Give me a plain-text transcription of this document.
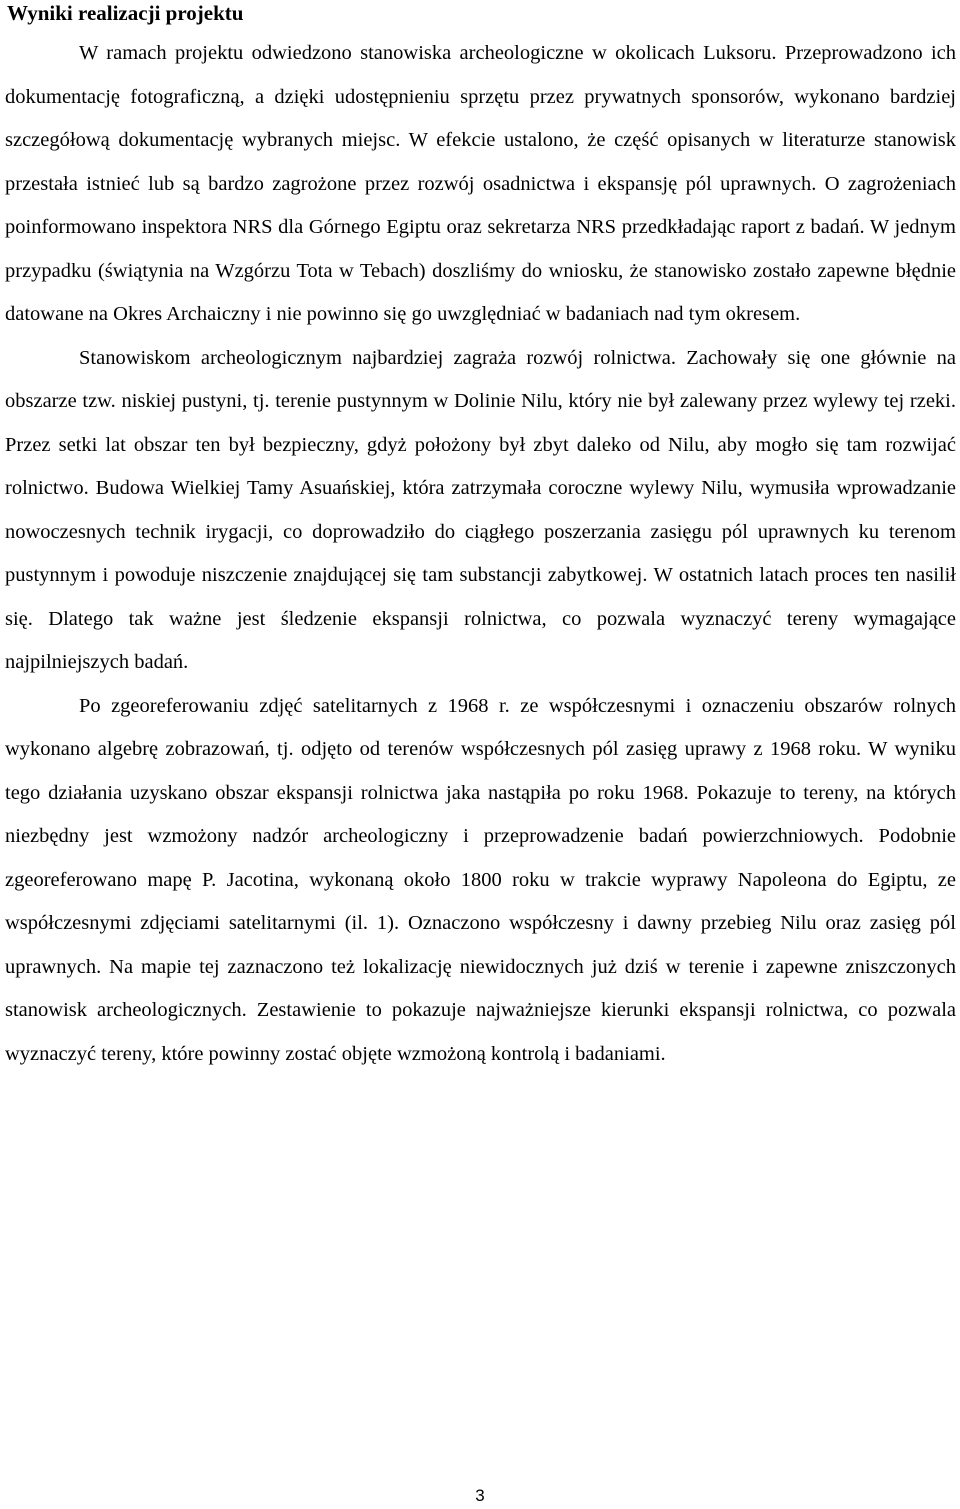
Wyniki realizacji projektu

W ramach projektu odwiedzono stanowiska archeologiczne w okolicach Luksoru. Przeprowadzono ich dokumentację fotograficzną, a dzięki udostępnieniu sprzętu przez prywatnych sponsorów, wykonano bardziej szczegółową dokumentację wybranych miejsc. W efekcie ustalono, że część opisanych w literaturze stanowisk przestała istnieć lub są bardzo zagrożone przez rozwój osadnictwa i ekspansję pól uprawnych. O zagrożeniach poinformowano inspektora NRS dla Górnego Egiptu oraz sekretarza NRS przedkładając raport z badań. W jednym przypadku (świątynia na Wzgórzu Tota w Tebach) doszliśmy do wniosku, że stanowisko zostało zapewne błędnie datowane na Okres Archaiczny i nie powinno się go uwzględniać w badaniach nad tym okresem.

Stanowiskom archeologicznym najbardziej zagraża rozwój rolnictwa. Zachowały się one głównie na obszarze tzw. niskiej pustyni, tj. terenie pustynnym w Dolinie Nilu, który nie był zalewany przez wylewy tej rzeki. Przez setki lat obszar ten był bezpieczny, gdyż położony był zbyt daleko od Nilu, aby mogło się tam rozwijać rolnictwo. Budowa Wielkiej Tamy Asuańskiej, która zatrzymała coroczne wylewy Nilu, wymusiła wprowadzanie nowoczesnych technik irygacji, co doprowadziło do ciągłego poszerzania zasięgu pól uprawnych ku terenom pustynnym i powoduje niszczenie znajdującej się tam substancji zabytkowej. W ostatnich latach proces ten nasilił się. Dlatego tak ważne jest śledzenie ekspansji rolnictwa, co pozwala wyznaczyć tereny wymagające najpilniejszych badań.

Po zgeoreferowaniu zdjęć satelitarnych z 1968 r. ze współczesnymi i oznaczeniu obszarów rolnych wykonano algebrę zobrazowań, tj. odjęto od terenów współczesnych pól zasięg uprawy z 1968 roku. W wyniku tego działania uzyskano obszar ekspansji rolnictwa jaka nastąpiła po roku 1968. Pokazuje to tereny, na których niezbędny jest wzmożony nadzór archeologiczny i przeprowadzenie badań powierzchniowych. Podobnie zgeoreferowano mapę P. Jacotina, wykonaną około 1800 roku w trakcie wyprawy Napoleona do Egiptu, ze współczesnymi zdjęciami satelitarnymi (il. 1). Oznaczono współczesny i dawny przebieg Nilu oraz zasięg pól uprawnych. Na mapie tej zaznaczono też lokalizację niewidocznych już dziś w terenie i zapewne zniszczonych stanowisk archeologicznych. Zestawienie to pokazuje najważniejsze kierunki ekspansji rolnictwa, co pozwala wyznaczyć tereny, które powinny zostać objęte wzmożoną kontrolą i badaniami.

3
